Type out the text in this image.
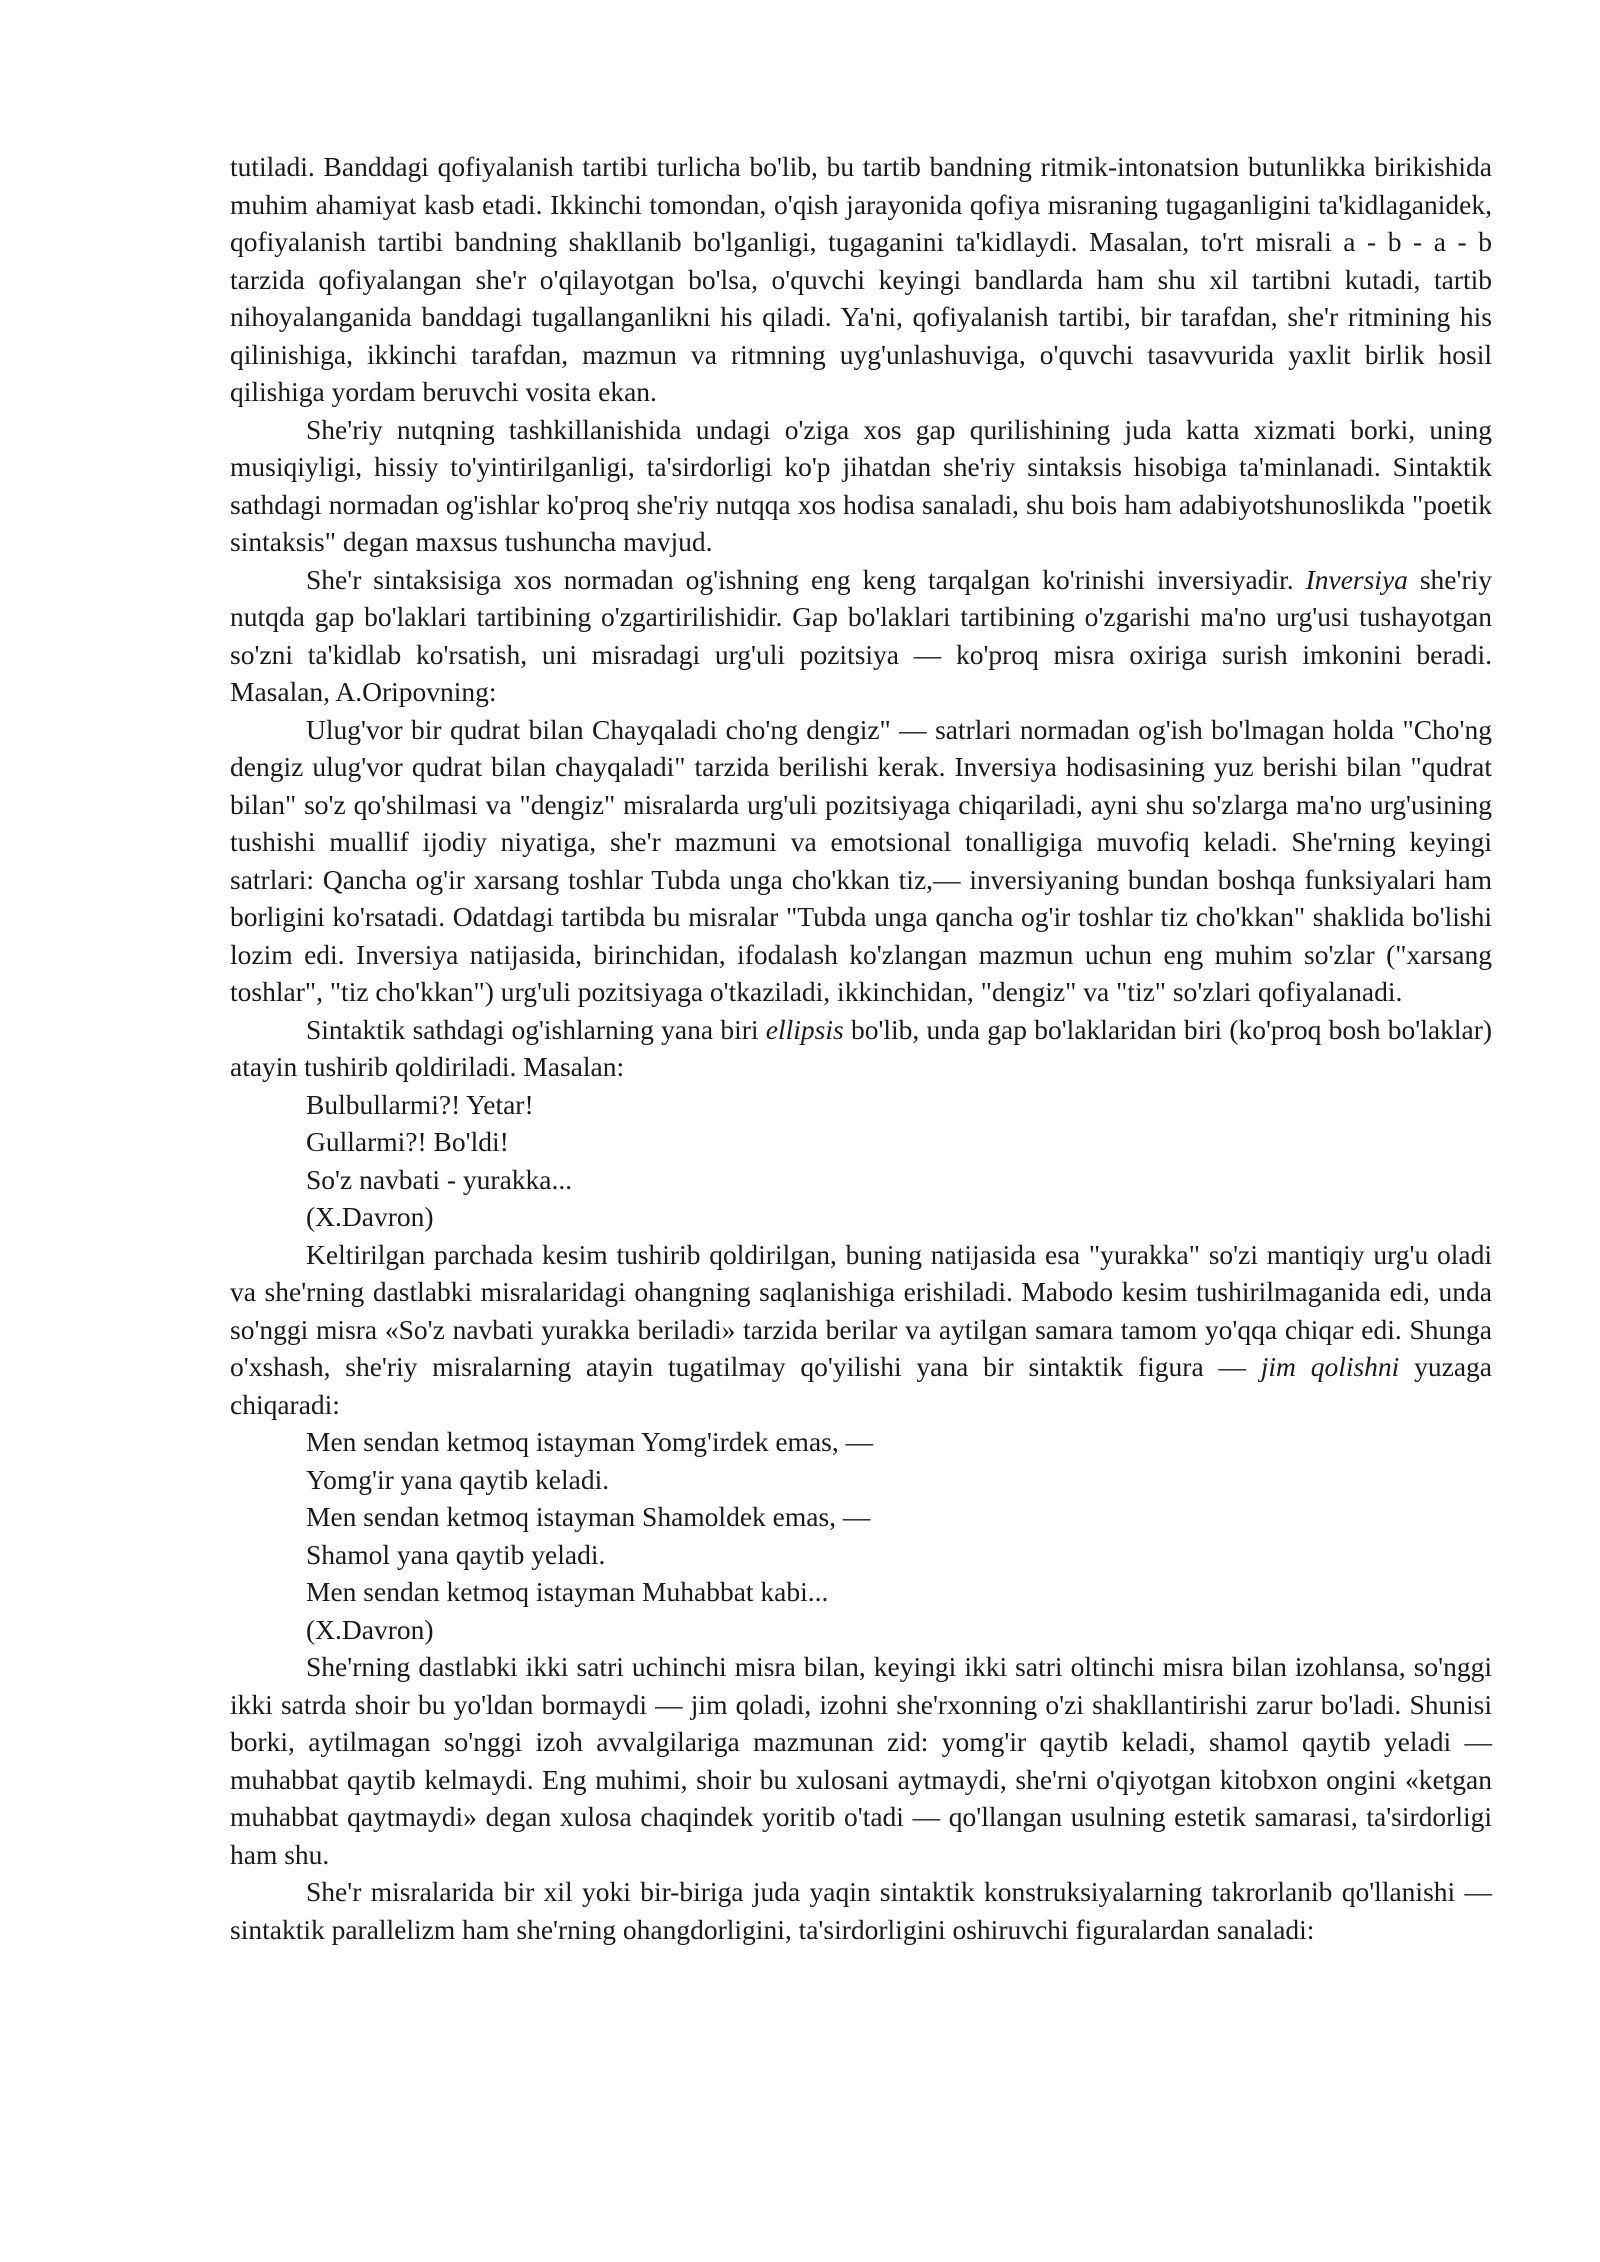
tutiladi. Banddagi qofiyalanish tartibi turlicha bo'lib, bu tartib bandning ritmik-intonatsion butunlikka birikishida muhim ahamiyat kasb etadi. Ikkinchi tomondan, o'qish jarayonida qofiya misraning tugaganligini ta'kidlaganidek, qofiyalanish tartibi bandning shakllanib bo'lganligi, tugaganini ta'kidlaydi. Masalan, to'rt misrali a - b - a - b tarzida qofiyalangan she'r o'qilayotgan bo'lsa, o'quvchi keyingi bandlarda ham shu xil tartibni kutadi, tartib nihoyalanganida banddagi tugallanganlikni his qiladi. Ya'ni, qofiyalanish tartibi, bir tarafdan, she'r ritmining his qilinishiga, ikkinchi tarafdan, mazmun va ritmning uyg'unlashuviga, o'quvchi tasavvurida yaxlit birlik hosil qilishiga yordam beruvchi vosita ekan.

She'riy nutqning tashkillanishida undagi o'ziga xos gap qurilishining juda katta xizmati borki, uning musiqiyligi, hissiy to'yintirilganligi, ta'sirdorligi ko'p jihatdan she'riy sintaksis hisobiga ta'minlanadi. Sintaktik sathdagi normadan og'ishlar ko'proq she'riy nutqqa xos hodisa sanaladi, shu bois ham adabiyotshunoslikda "poetik sintaksis" degan maxsus tushuncha mavjud.

She'r sintaksisiga xos normadan og'ishning eng keng tarqalgan ko'rinishi inversiyadir. Inversiya she'riy nutqda gap bo'laklari tartibining o'zgartirilishidir. Gap bo'laklari tartibining o'zgarishi ma'no urg'usi tushayotgan so'zni ta'kidlab ko'rsatish, uni misradagi urg'uli pozitsiya — ko'proq misra oxiriga surish imkonini beradi. Masalan, A.Oripovning:

Ulug'vor bir qudrat bilan Chayqaladi cho'ng dengiz" — satrlari normadan og'ish bo'lmagan holda "Cho'ng dengiz ulug'vor qudrat bilan chayqaladi" tarzida berilishi kerak. Inversiya hodisasining yuz berishi bilan "qudrat bilan" so'z qo'shilmasi va "dengiz" misralarda urg'uli pozitsiyaga chiqariladi, ayni shu so'zlarga ma'no urg'usining tushishi muallif ijodiy niyatiga, she'r mazmuni va emotsional tonalligiga muvofiq keladi. She'rning keyingi satrlari: Qancha og'ir xarsang toshlar Tubda unga cho'kkan tiz,— inversiyaning bundan boshqa funksiyalari ham borligini ko'rsatadi. Odatdagi tartibda bu misralar "Tubda unga qancha og'ir toshlar tiz cho'kkan" shaklida bo'lishi lozim edi. Inversiya natijasida, birinchidan, ifodalash ko'zlangan mazmun uchun eng muhim so'zlar ("xarsang toshlar", "tiz cho'kkan") urg'uli pozitsiyaga o'tkaziladi, ikkinchidan, "dengiz" va "tiz" so'zlari qofiyalanadi.

Sintaktik sathdagi og'ishlarning yana biri ellipsis bo'lib, unda gap bo'laklaridan biri (ko'proq bosh bo'laklar) atayin tushirib qoldiriladi. Masalan:

Bulbullarmi?! Yetar!

Gullarmi?! Bo'ldi!

So'z navbati - yurakka...

(X.Davron)

Keltirilgan parchada kesim tushirib qoldirilgan, buning natijasida esa "yurakka" so'zi mantiqiy urg'u oladi va she'rning dastlabki misralaridagi ohangning saqlanishiga erishiladi. Mabodo kesim tushirilmaganida edi, unda so'nggi misra «So'z navbati yurakka beriladi» tarzida berilar va aytilgan samara tamom yo'qqa chiqar edi. Shunga o'xshash, she'riy misralarning atayin tugatilmay qo'yilishi yana bir sintaktik figura — jim qolishni yuzaga chiqaradi:

Men sendan ketmoq istayman Yomg'irdek emas, —

Yomg'ir yana qaytib keladi.

Men sendan ketmoq istayman Shamoldek emas, —

Shamol yana qaytib yeladi.

Men sendan ketmoq istayman Muhabbat kabi...

(X.Davron)

She'rning dastlabki ikki satri uchinchi misra bilan, keyingi ikki satri oltinchi misra bilan izohlansa, so'nggi ikki satrda shoir bu yo'ldan bormaydi — jim qoladi, izohni she'rxonning o'zi shakllantirishi zarur bo'ladi. Shunisi borki, aytilmagan so'nggi izoh avvalgilariga mazmunan zid: yomg'ir qaytib keladi, shamol qaytib yeladi — muhabbat qaytib kelmaydi. Eng muhimi, shoir bu xulosani aytmaydi, she'rni o'qiyotgan kitobxon ongini «ketgan muhabbat qaytmaydi» degan xulosa chaqindek yoritib o'tadi — qo'llangan usulning estetik samarasi, ta'sirdorligi ham shu.

She'r misralarida bir xil yoki bir-biriga juda yaqin sintaktik konstruksiyalarning takrorlanib qo'llanishi — sintaktik parallelizm ham she'rning ohangdorligini, ta'sirdorligini oshiruvchi figuralardan sanaladi:
